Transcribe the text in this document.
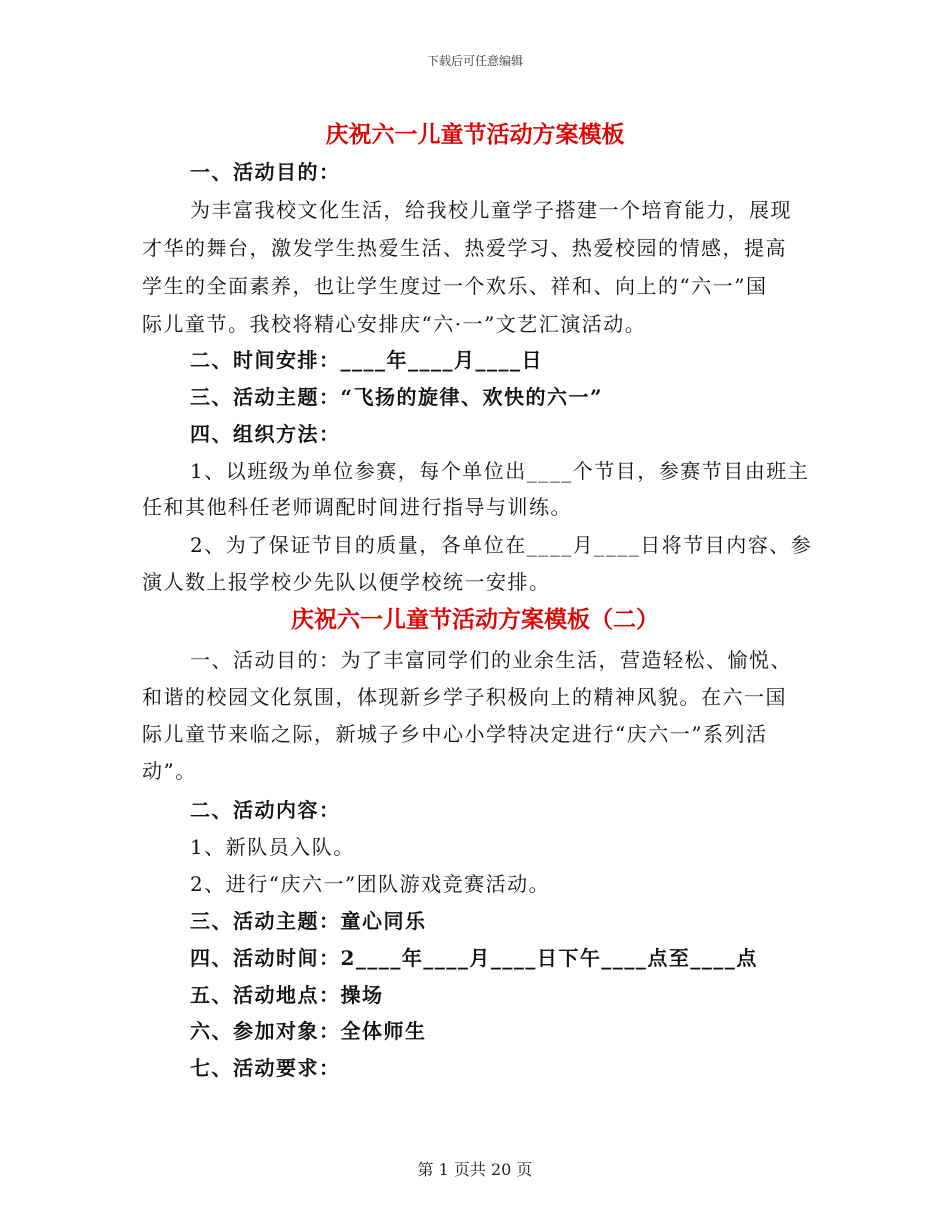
下载后可任意编辑
庆祝六一儿童节活动方案模板
一、活动目的：
为丰富我校文化生活，给我校儿童学子搭建一个培育能力，展现
才华的舞台，激发学生热爱生活、热爱学习、热爱校园的情感，提高
学生的全面素养，也让学生度过一个欢乐、祥和、向上的“六一”国
际儿童节。我校将精心安排庆“六·一”文艺汇演活动。
二、时间安排：____年____月____日
三、活动主题：“飞扬的旋律、欢快的六一”
四、组织方法：
1、以班级为单位参赛，每个单位出____个节目，参赛节目由班主
任和其他科任老师调配时间进行指导与训练。
2、为了保证节目的质量，各单位在____月____日将节目内容、参
演人数上报学校少先队以便学校统一安排。
庆祝六一儿童节活动方案模板（二）
一、活动目的：为了丰富同学们的业余生活，营造轻松、愉悦、
和谐的校园文化氛围，体现新乡学子积极向上的精神风貌。在六一国
际儿童节来临之际，新城子乡中心小学特决定进行“庆六一”系列活
动”。
二、活动内容：
1、新队员入队。
2、进行“庆六一”团队游戏竞赛活动。
三、活动主题：童心同乐
四、活动时间：2____年____月____日下午____点至____点
五、活动地点：操场
六、参加对象：全体师生
七、活动要求：
第 1 页共 20 页
